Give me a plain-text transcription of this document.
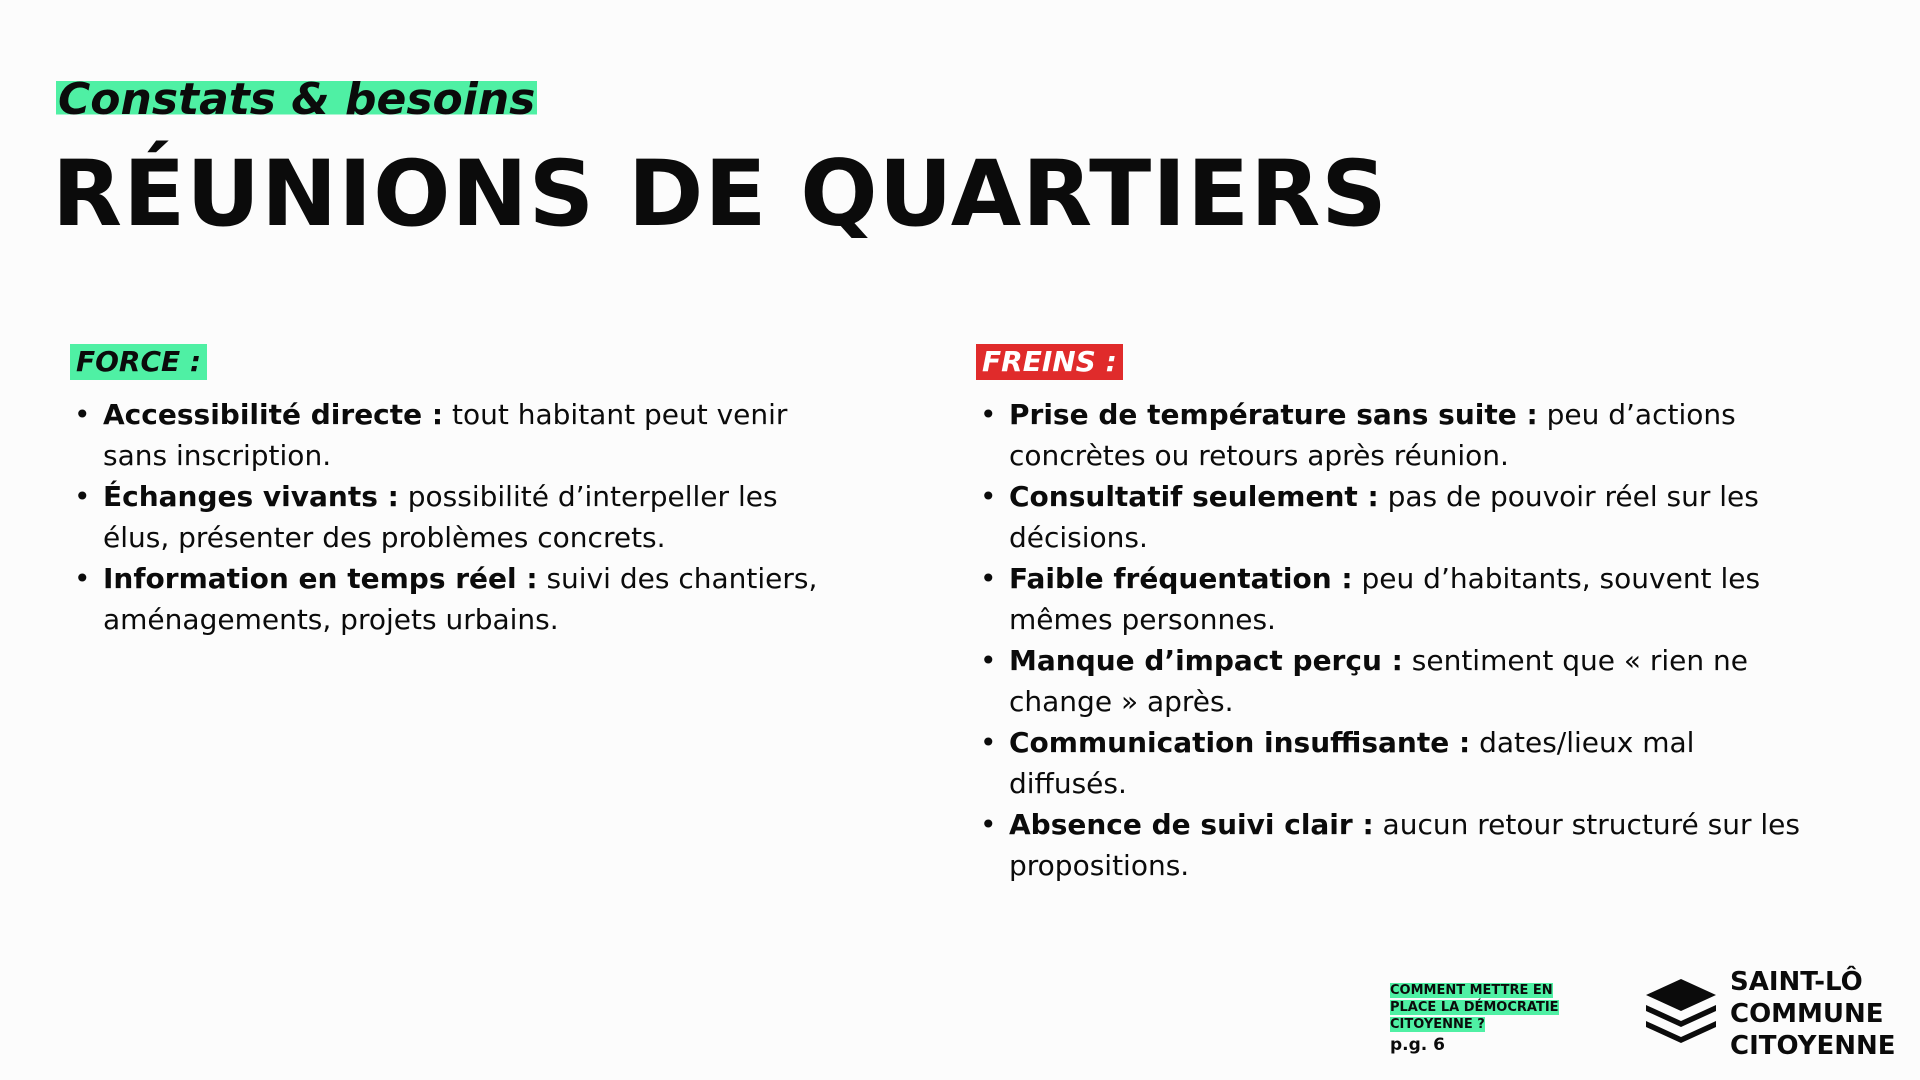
Constats & besoins
RÉUNIONS DE QUARTIERS
FORCE :
• Accessibilité directe : tout habitant peut venir sans inscription.
• Échanges vivants : possibilité d’interpeller les élus, présenter des problèmes concrets.
• Information en temps réel : suivi des chantiers, aménagements, projets urbains.
FREINS :
• Prise de température sans suite : peu d’actions concrètes ou retours après réunion.
• Consultatif seulement : pas de pouvoir réel sur les décisions.
• Faible fréquentation : peu d’habitants, souvent les mêmes personnes.
• Manque d’impact perçu : sentiment que « rien ne change » après.
• Communication insuffisante : dates/lieux mal diffusés.
• Absence de suivi clair : aucun retour structuré sur les propositions.
COMMENT METTRE EN PLACE LA DÉMOCRATIE CITOYENNE ?
p.g. 6
SAINT-LÔ
COMMUNE
CITOYENNE
